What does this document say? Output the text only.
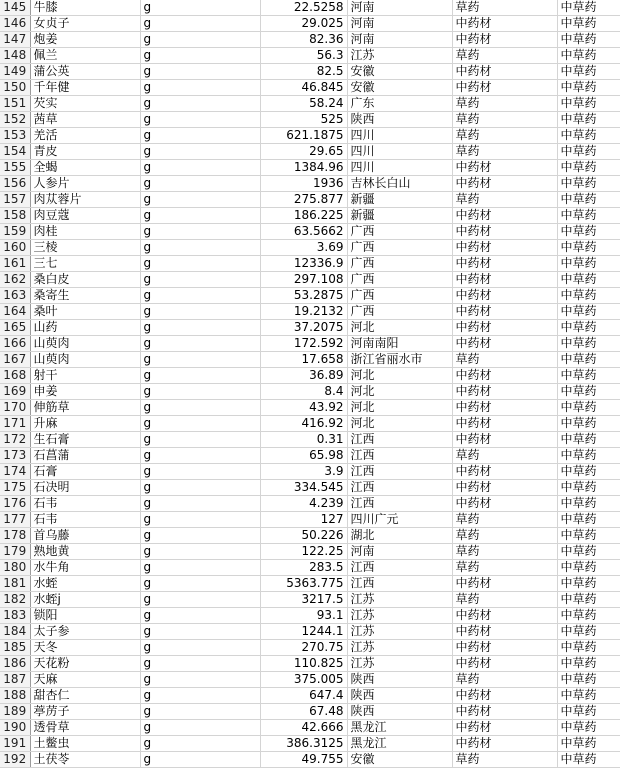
145	牛膝	g	22.5258	河南	草药	中草药
146	女贞子	g	29.025	河南	中药材	中草药
147	炮姜	g	82.36	河南	中药材	中草药
148	佩兰	g	56.3	江苏	草药	中草药
149	蒲公英	g	82.5	安徽	中药材	中草药
150	千年健	g	46.845	安徽	中药材	中草药
151	芡实	g	58.24	广东	草药	中草药
152	茜草	g	525	陕西	草药	中草药
153	羌活	g	621.1875	四川	草药	中草药
154	青皮	g	29.65	四川	草药	中草药
155	全蝎	g	1384.96	四川	中药材	中草药
156	人参片	g	1936	吉林长白山	中药材	中草药
157	肉苁蓉片	g	275.877	新疆	草药	中草药
158	肉豆蔻	g	186.225	新疆	中药材	中草药
159	肉桂	g	63.5662	广西	中药材	中草药
160	三棱	g	3.69	广西	中药材	中草药
161	三七	g	12336.9	广西	中药材	中草药
162	桑白皮	g	297.108	广西	中药材	中草药
163	桑寄生	g	53.2875	广西	中药材	中草药
164	桑叶	g	19.2132	广西	中药材	中草药
165	山药	g	37.2075	河北	中药材	中草药
166	山萸肉	g	172.592	河南南阳	中药材	中草药
167	山萸肉	g	17.658	浙江省丽水市	草药	中草药
168	射干	g	36.89	河北	中药材	中草药
169	申姜	g	8.4	河北	中药材	中草药
170	伸筋草	g	43.92	河北	中药材	中草药
171	升麻	g	416.92	河北	中药材	中草药
172	生石膏	g	0.31	江西	中药材	中草药
173	石菖蒲	g	65.98	江西	草药	中草药
174	石膏	g	3.9	江西	中药材	中草药
175	石决明	g	334.545	江西	中药材	中草药
176	石韦	g	4.239	江西	中药材	中草药
177	石韦	g	127	四川广元	草药	中草药
178	首乌藤	g	50.226	湖北	草药	中草药
179	熟地黄	g	122.25	河南	草药	中草药
180	水牛角	g	283.5	江西	草药	中草药
181	水蛭	g	5363.775	江西	中药材	中草药
182	水蛭j	g	3217.5	江苏	草药	中草药
183	锁阳	g	93.1	江苏	中药材	中草药
184	太子参	g	1244.1	江苏	中药材	中草药
185	天冬	g	270.75	江苏	中药材	中草药
186	天花粉	g	110.825	江苏	中药材	中草药
187	天麻	g	375.005	陕西	草药	中草药
188	甜杏仁	g	647.4	陕西	中药材	中草药
189	葶苈子	g	67.48	陕西	中药材	中草药
190	透骨草	g	42.666	黑龙江	中药材	中草药
191	土鳖虫	g	386.3125	黑龙江	中药材	中草药
192	土茯苓	g	49.755	安徽	草药	中草药
